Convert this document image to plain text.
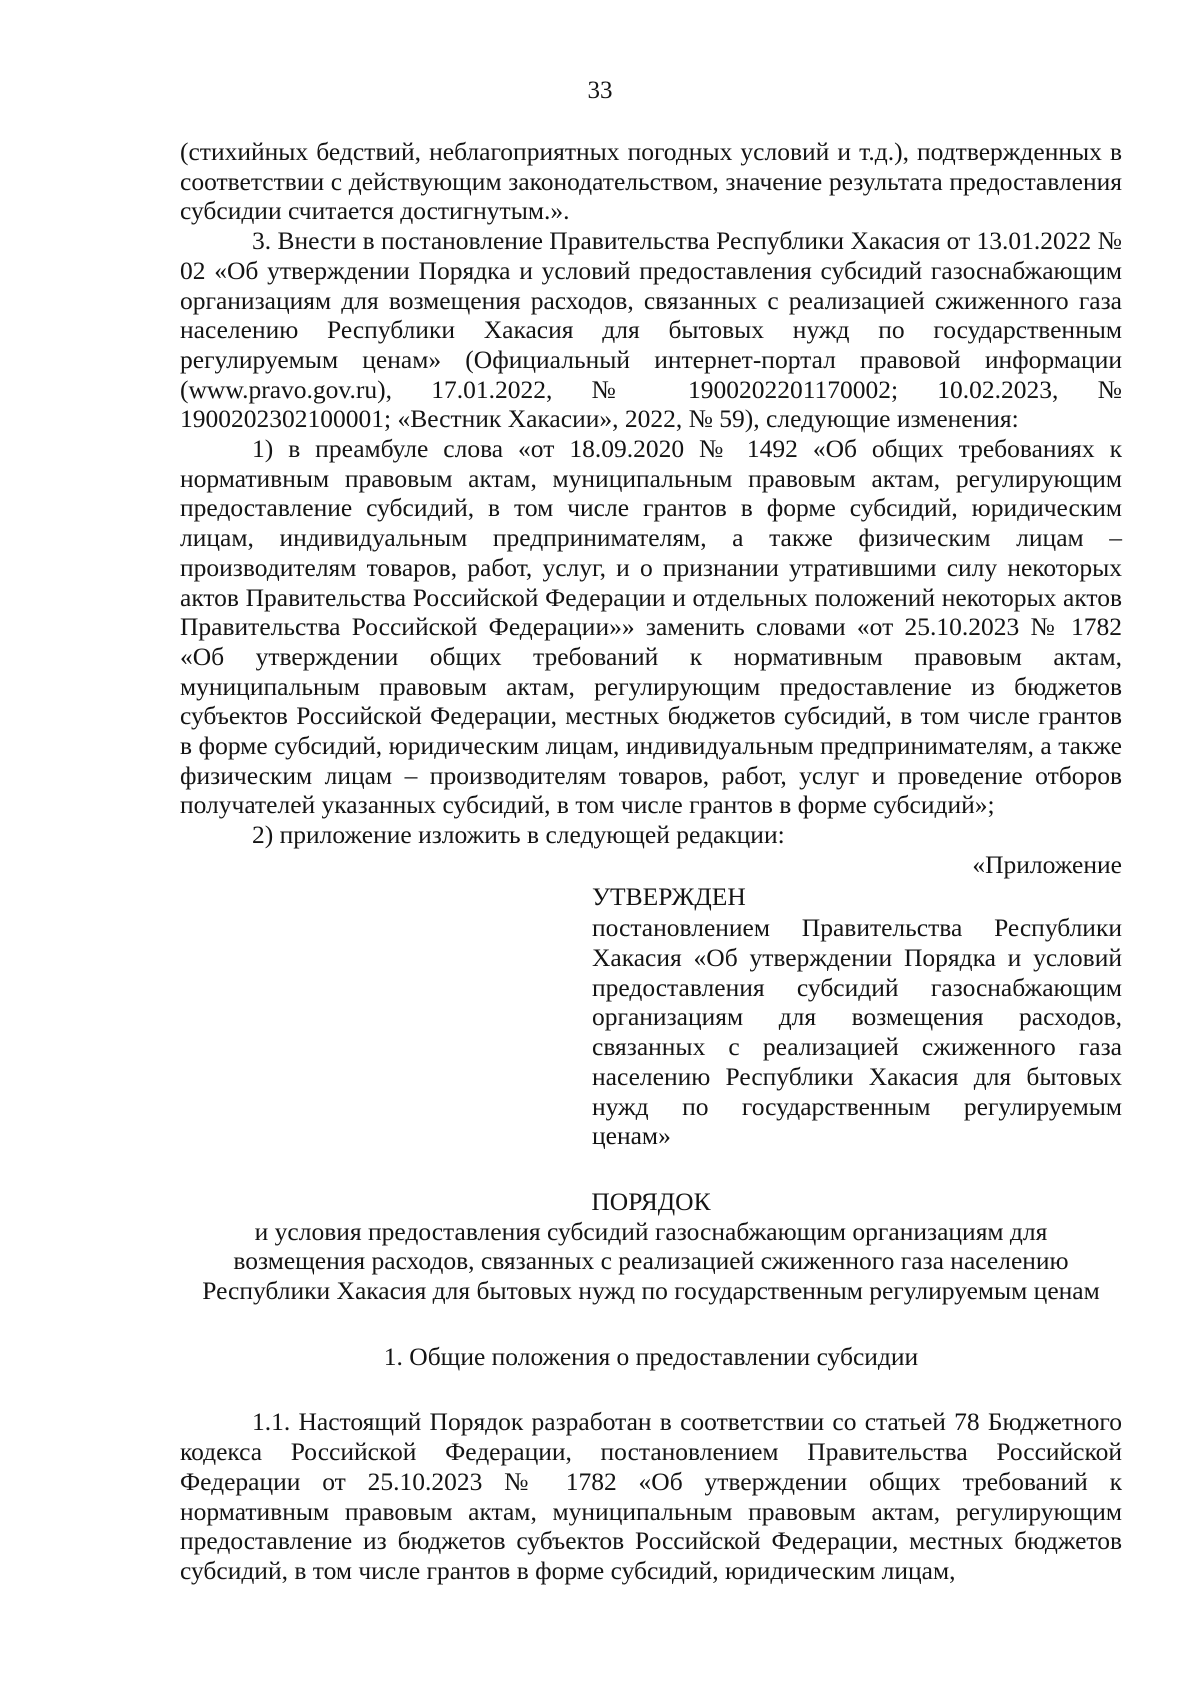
33

(стихийных бедствий, неблагоприятных погодных условий и т.д.), подтвержденных в соответствии с действующим законодательством, значение результата предоставления субсидии считается достигнутым.».

3. Внести в постановление Правительства Республики Хакасия от 13.01.2022 № 02 «Об утверждении Порядка и условий предоставления субсидий газоснабжающим организациям для возмещения расходов, связанных с реализацией сжиженного газа населению Республики Хакасия для бытовых нужд по государственным регулируемым ценам» (Официальный интернет-портал правовой информации (www.pravo.gov.ru), 17.01.2022, № 1900202201170002; 10.02.2023, № 1900202302100001; «Вестник Хакасии», 2022, № 59), следующие изменения:

1) в преамбуле слова «от 18.09.2020 № 1492 «Об общих требованиях к нормативным правовым актам, муниципальным правовым актам, регулирующим предоставление субсидий, в том числе грантов в форме субсидий, юридическим лицам, индивидуальным предпринимателям, а также физическим лицам – производителям товаров, работ, услуг, и о признании утратившими силу некоторых актов Правительства Российской Федерации и отдельных положений некоторых актов Правительства Российской Федерации»» заменить словами «от 25.10.2023 № 1782 «Об утверждении общих требований к нормативным правовым актам, муниципальным правовым актам, регулирующим предоставление из бюджетов субъектов Российской Федерации, местных бюджетов субсидий, в том числе грантов в форме субсидий, юридическим лицам, индивидуальным предпринимателям, а также физическим лицам – производителям товаров, работ, услуг и проведение отборов получателей указанных субсидий, в том числе грантов в форме субсидий»;

2) приложение изложить в следующей редакции:

«Приложение

УТВЕРЖДЕН

постановлением Правительства Республики Хакасия «Об утверждении Порядка и условий предоставления субсидий газоснабжающим организациям для возмещения расходов, связанных с реализацией сжиженного газа населению Республики Хакасия для бытовых нужд по государственным регулируемым ценам»

ПОРЯДОК

и условия предоставления субсидий газоснабжающим организациям для
возмещения расходов, связанных с реализацией сжиженного газа населению
Республики Хакасия для бытовых нужд по государственным регулируемым ценам

1. Общие положения о предоставлении субсидии

1.1. Настоящий Порядок разработан в соответствии со статьей 78 Бюджетного кодекса Российской Федерации, постановлением Правительства Российской Федерации от 25.10.2023 № 1782 «Об утверждении общих требований к нормативным правовым актам, муниципальным правовым актам, регулирующим предоставление из бюджетов субъектов Российской Федерации, местных бюджетов субсидий, в том числе грантов в форме субсидий, юридическим лицам,
